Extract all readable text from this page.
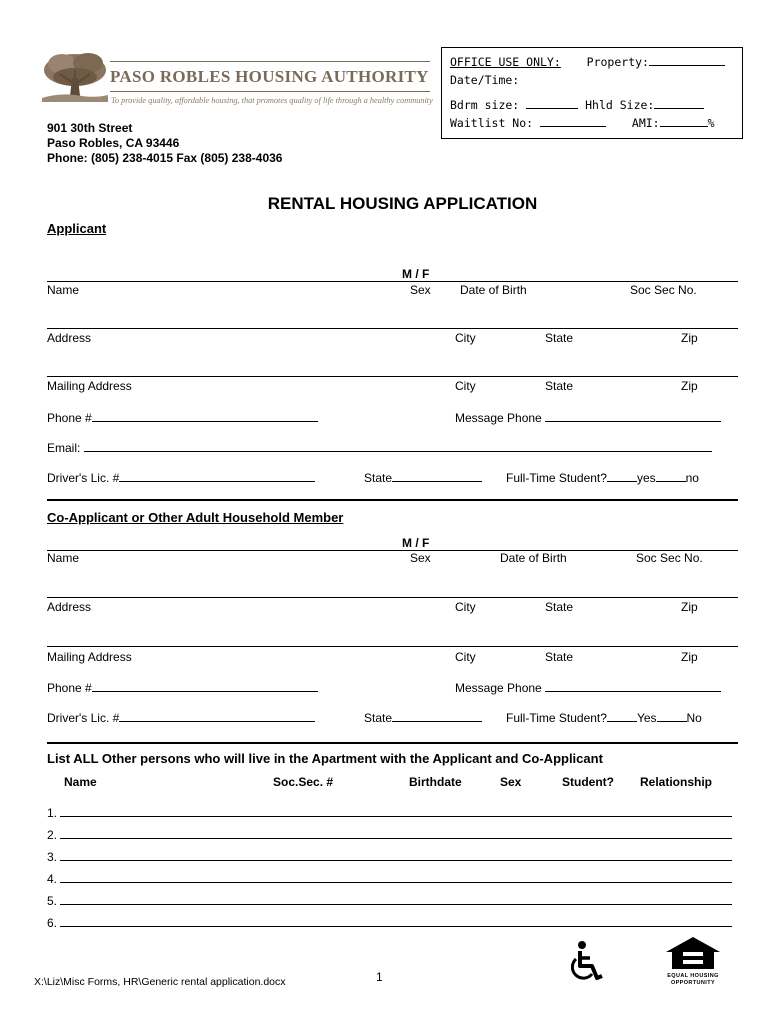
PASO ROBLES HOUSING AUTHORITY
To provide quality, affordable housing, that promotes quality of life through a healthy community
901 30th Street
Paso Robles, CA 93446
Phone: (805) 238-4015 Fax (805) 238-4036
OFFICE USE ONLY: Property:
Date/Time:
Bdrm size:	Hhld Size:
Waitlist No:	AMI:	%
RENTAL HOUSING APPLICATION
Applicant
M / F
Name	Sex Date of Birth	Soc Sec No.
Address	City	State	Zip
Mailing Address	City	State	Zip
Phone #	Message Phone
Email:
Driver's Lic. #	State	Full-Time Student?	yes	no
Co-Applicant or Other Adult Household Member
M / F
Name	Sex	Date of Birth	Soc Sec No.
Address	City	State	Zip
Mailing Address	City	State	Zip
Phone #	Message Phone
Driver's Lic. #	State	Full-Time Student?	Yes	No
List ALL Other persons who will live in the Apartment with the Applicant and Co-Applicant
Name	Soc.Sec. #	Birthdate	Sex	Student? Relationship
1.
2.
3.
4.
5.
6.
X:\Liz\Misc Forms, HR\Generic rental application.docx	1	EQUAL HOUSING
OPPORTUNITY
